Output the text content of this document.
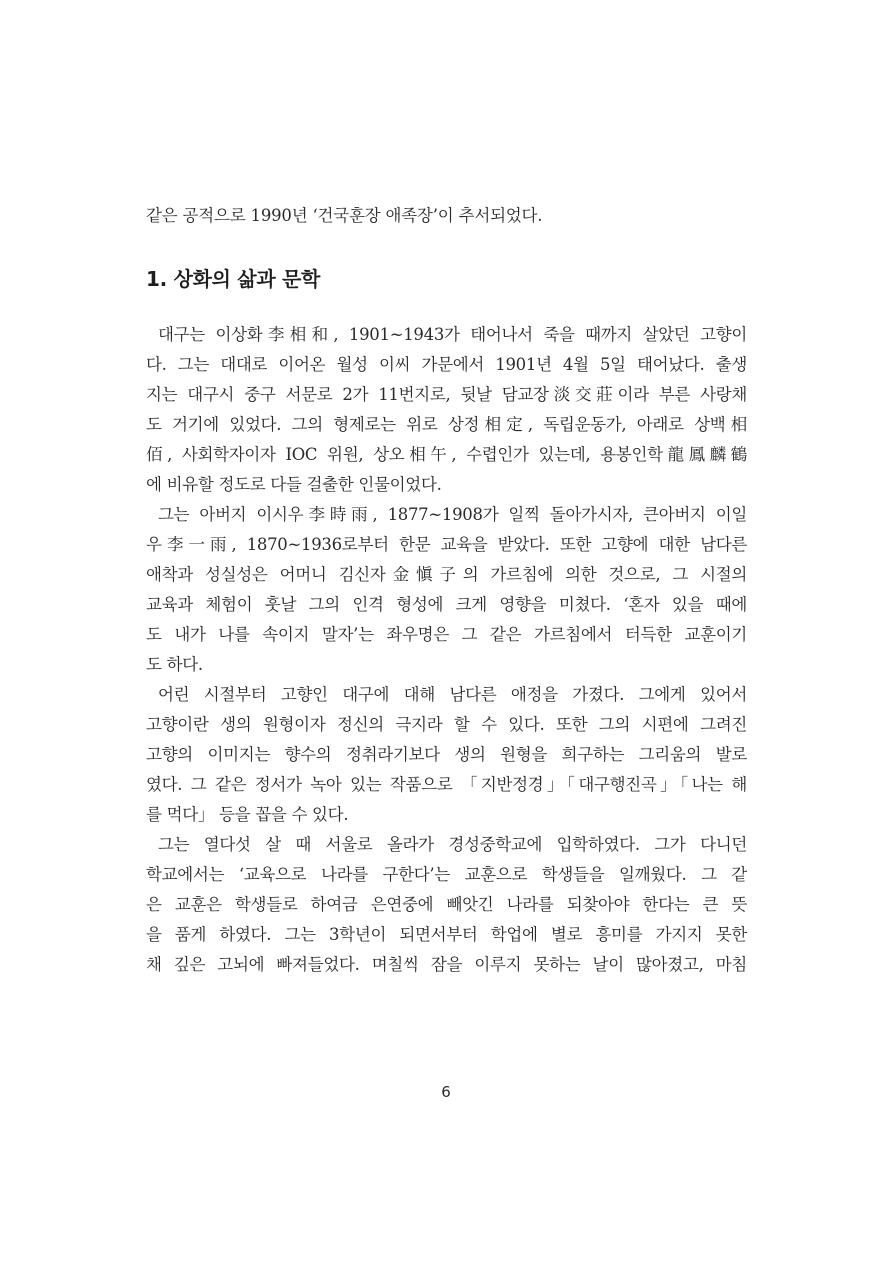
같은 공적으로 1990년 ‘건국훈장 애족장’이 추서되었다.
1. 상화의 삶과 문학
대구는 이상화李相和, 1901~1943가 태어나서 죽을 때까지 살았던 고향이
다. 그는 대대로 이어온 월성 이씨 가문에서 1901년 4월 5일 태어났다. 출생
지는 대구시 중구 서문로 2가 11번지로, 뒷날 담교장淡交莊이라 부른 사랑채
도 거기에 있었다. 그의 형제로는 위로 상정相定, 독립운동가, 아래로 상백相
佰, 사회학자이자 IOC 위원, 상오相午, 수렵인가 있는데, 용봉인학龍鳳麟鶴
에 비유할 정도로 다들 걸출한 인물이었다.
그는 아버지 이시우李時雨, 1877~1908가 일찍 돌아가시자, 큰아버지 이일
우李一雨, 1870~1936로부터 한문 교육을 받았다. 또한 고향에 대한 남다른
애착과 성실성은 어머니 김신자金愼子의 가르침에 의한 것으로, 그 시절의
교육과 체험이 훗날 그의 인격 형성에 크게 영향을 미쳤다. ‘혼자 있을 때에
도 내가 나를 속이지 말자’는 좌우명은 그 같은 가르침에서 터득한 교훈이기
도 하다.
어린 시절부터 고향인 대구에 대해 남다른 애정을 가졌다. 그에게 있어서
고향이란 생의 원형이자 정신의 극지라 할 수 있다. 또한 그의 시편에 그려진
고향의 이미지는 향수의 정취라기보다 생의 원형을 희구하는 그리움의 발로
였다. 그 같은 정서가 녹아 있는 작품으로 「지반정경」「대구행진곡」「나는 해
를 먹다」 등을 꼽을 수 있다.
그는 열다섯 살 때 서울로 올라가 경성중학교에 입학하였다. 그가 다니던
학교에서는 ‘교육으로 나라를 구한다’는 교훈으로 학생들을 일깨웠다. 그 같
은 교훈은 학생들로 하여금 은연중에 빼앗긴 나라를 되찾아야 한다는 큰 뜻
을 품게 하였다. 그는 3학년이 되면서부터 학업에 별로 흥미를 가지지 못한
채 깊은 고뇌에 빠져들었다. 며칠씩 잠을 이루지 못하는 날이 많아졌고, 마침
6
